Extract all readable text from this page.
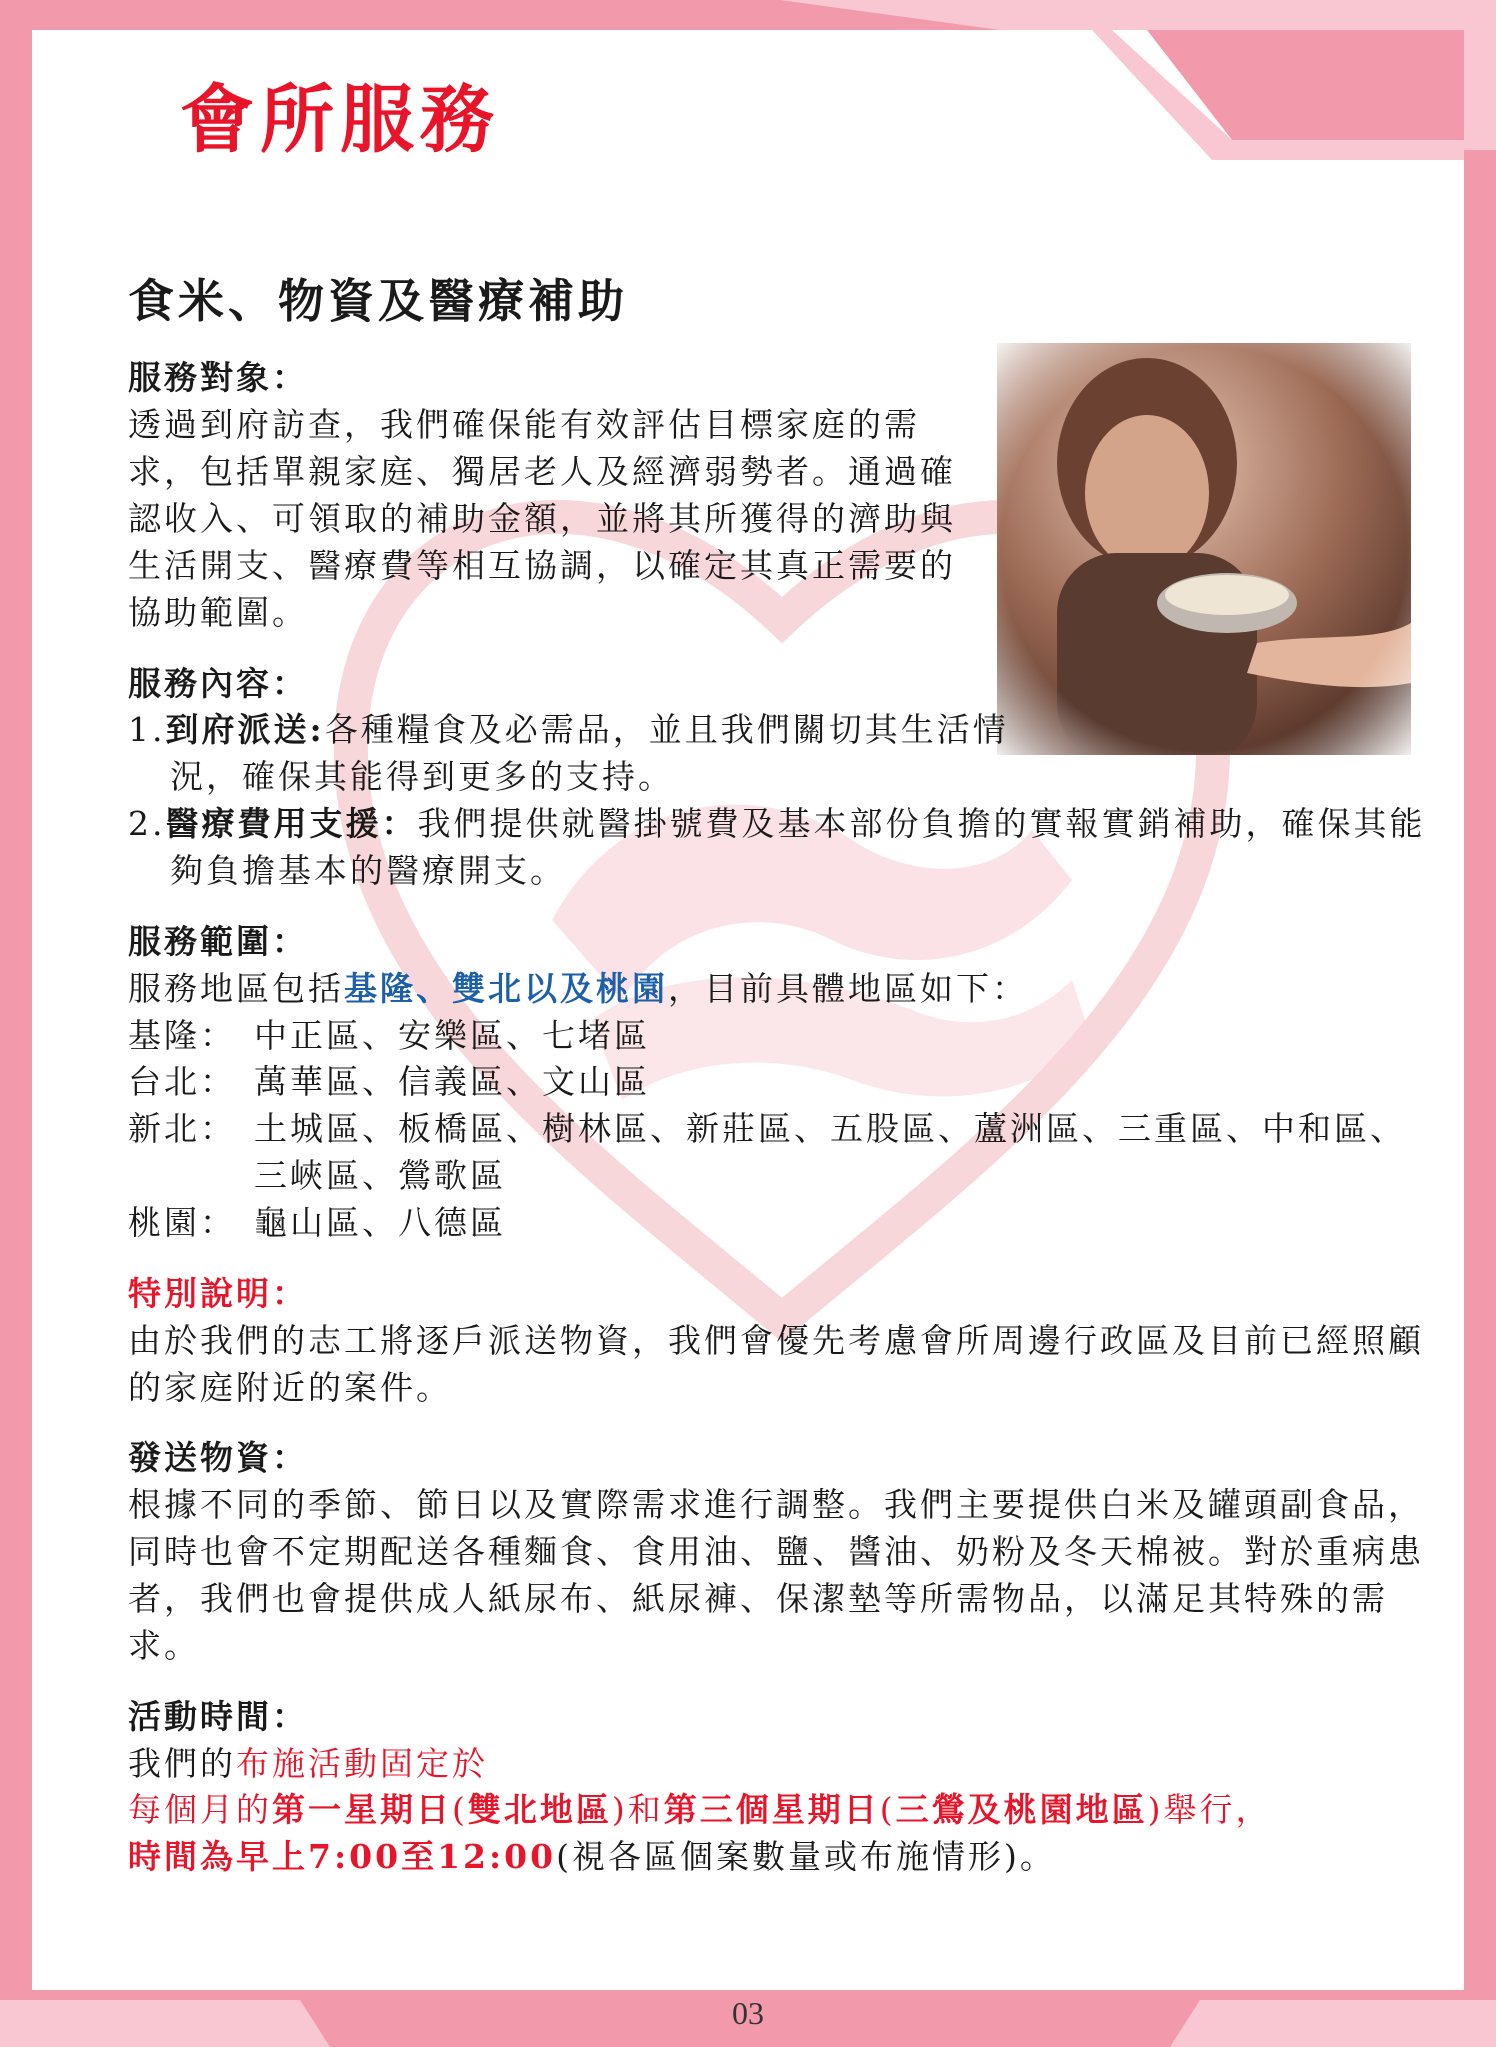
會所服務
食米、物資及醫療補助
服務對象：

透過到府訪查，我們確保能有效評估目標家庭的需求，包括單親家庭、獨居老人及經濟弱勢者。通過確認收入、可領取的補助金額，並將其所獲得的濟助與生活開支、醫療費等相互協調，以確定其真正需要的協助範圍。

服務內容：
1.到府派送:各種糧食及必需品，並且我們關切其生活情況，確保其能得到更多的支持。
2.醫療費用支援：我們提供就醫掛號費及基本部份負擔的實報實銷補助，確保其能夠負擔基本的醫療開支。
服務範圍：

服務地區包括基隆、雙北以及桃園，目前具體地區如下：

基隆： 中正區、安樂區、七堵區
台北： 萬華區、信義區、文山區
新北： 土城區、板橋區、樹林區、新莊區、五股區、蘆洲區、三重區、中和區、三峽區、鶯歌區
桃園： 龜山區、八德區
特別說明：

由於我們的志工將逐戶派送物資，我們會優先考慮會所周邊行政區及目前已經照顧的家庭附近的案件。

發送物資：

根據不同的季節、節日以及實際需求進行調整。我們主要提供白米及罐頭副食品，同時也會不定期配送各種麵食、食用油、鹽、醬油、奶粉及冬天棉被。對於重病患者，我們也會提供成人紙尿布、紙尿褲、保潔墊等所需物品，以滿足其特殊的需求。

活動時間：

我們的布施活動固定於

每個月的第一星期日(雙北地區)和第三個星期日(三鶯及桃園地區)舉行，
時間為早上7:00至12:00(視各區個案數量或布施情形)。

03
